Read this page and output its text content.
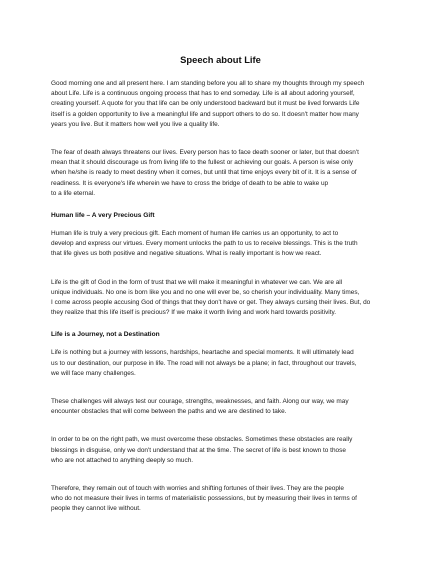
Speech about Life
Good morning one and all present here. I am standing before you all to share my thoughts through my speech
about Life. Life is a continuous ongoing process that has to end someday. Life is all about adoring yourself,
creating yourself. A quote for you that life can be only understood backward but it must be lived forwards Life
itself is a golden opportunity to live a meaningful life and support others to do so. It doesn't matter how many
years you live. But it matters how well you live a quality life.
The fear of death always threatens our lives. Every person has to face death sooner or later, but that doesn't
mean that it should discourage us from living life to the fullest or achieving our goals. A person is wise only
when he/she is ready to meet destiny when it comes, but until that time enjoys every bit of it. It is a sense of
readiness. It is everyone's life wherein we have to cross the bridge of death to be able to wake up
to a life eternal.
Human life – A very Precious Gift
Human life is truly a very precious gift. Each moment of human life carries us an opportunity, to act to
develop and express our virtues. Every moment unlocks the path to us to receive blessings. This is the truth
that life gives us both positive and negative situations. What is really important is how we react.
Life is the gift of God in the form of trust that we will make it meaningful in whatever we can. We are all
unique individuals. No one is born like you and no one will ever be, so cherish your individuality. Many times,
I come across people accusing God of things that they don't have or get. They always cursing their lives. But, do
they realize that this life itself is precious? If we make it worth living and work hard towards positivity.
Life is a Journey, not a Destination
Life is nothing but a journey with lessons, hardships, heartache and special moments. It will ultimately lead
us to our destination, our purpose in life. The road will not always be a plane; in fact, throughout our travels,
we will face many challenges.
These challenges will always test our courage, strengths, weaknesses, and faith. Along our way, we may
encounter obstacles that will come between the paths and we are destined to take.
In order to be on the right path, we must overcome these obstacles. Sometimes these obstacles are really
blessings in disguise, only we don't understand that at the time. The secret of life is best known to those
who are not attached to anything deeply so much.
Therefore, they remain out of touch with worries and shifting fortunes of their lives. They are the people
who do not measure their lives in terms of materialistic possessions, but by measuring their lives in terms of
people they cannot live without.
